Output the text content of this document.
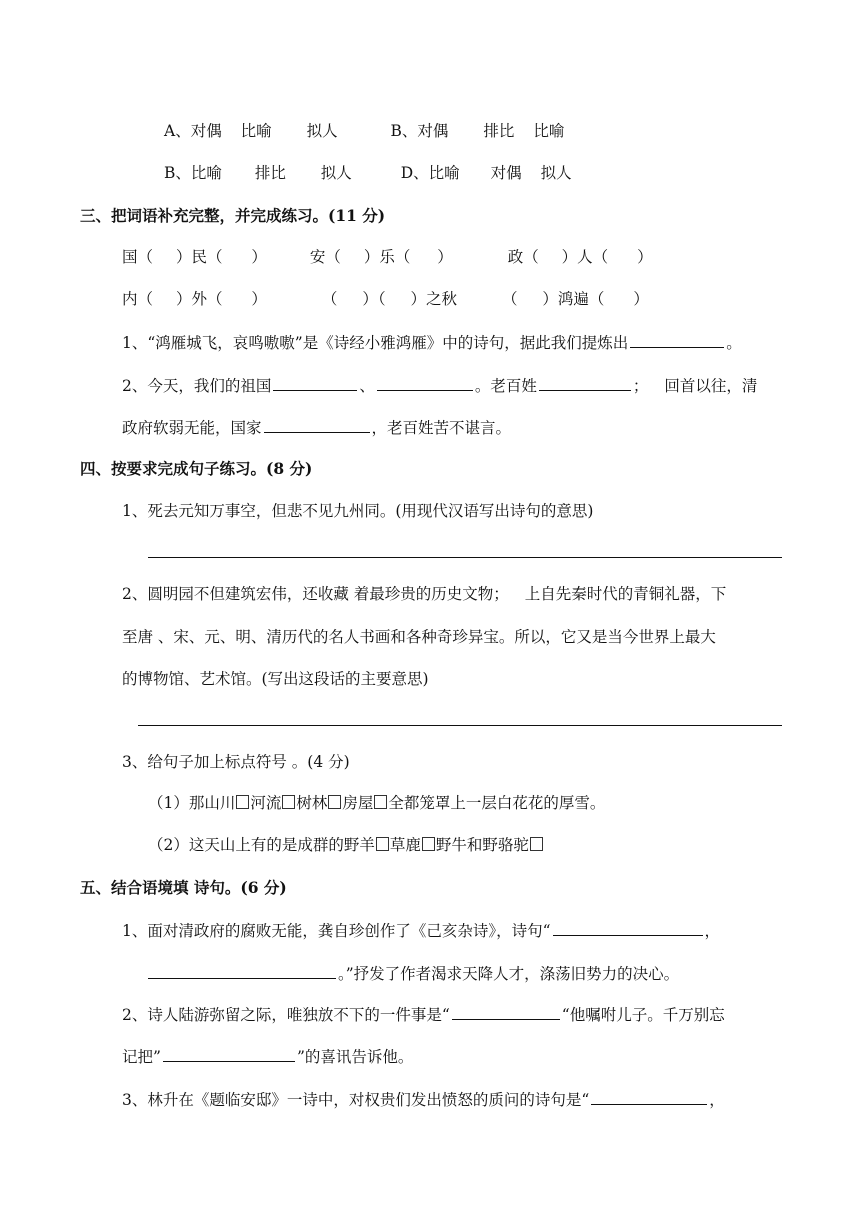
A、对偶 比喻 拟人	B、对偶 排比 比喻
B、比喻 排比 拟人	D、比喻 对偶 拟人
三、把词语补充完整，并完成练习。(11 分)
国（ ）民（ ）	安（ ）乐（ ）	政（ ）人（ ）
内（ ）外（ ）	（ ）（ ）之秋	（ ）鸿遍（ ）
1、“鸿雁城飞，哀鸣嗷嗷”是《诗经小雅鸿雁》中的诗句，据此我们提炼出	。
2、今天，我们的祖国	、	。老百姓	； 回首以往，清
政府软弱无能，国家	，老百姓苦不谌言。
四、按要求完成句子练习。(8 分)
1、死去元知万事空，但悲不见九州同。(用现代汉语写出诗句的意思)
2、圆明园不但建筑宏伟，还收藏 着最珍贵的历史文物； 上自先秦时代的青铜礼器，下
至唐 、宋、元、明、清历代的名人书画和各种奇珍异宝。所以，它又是当今世界上最大
的博物馆、艺术馆。(写出这段话的主要意思)
3、给句子加上标点符号 。(4 分)
（1）那山川 河流 树林 房屋 全都笼罩上一层白花花的厚雪。
（2）这天山上有的是成群的野羊 草鹿 野牛和野骆驼
五、结合语境填 诗句。(6 分)
1、面对清政府的腐败无能，龚自珍创作了《己亥杂诗》，诗句“	，
。”抒发了作者渴求天降人才，涤荡旧势力的决心。
2、诗人陆游弥留之际，唯独放不下的一件事是“	“他嘱咐儿子。千万别忘
记把”	”的喜讯告诉他。
3、林升在《题临安邸》一诗中，对权贵们发出愤怒的质问的诗句是“	，
